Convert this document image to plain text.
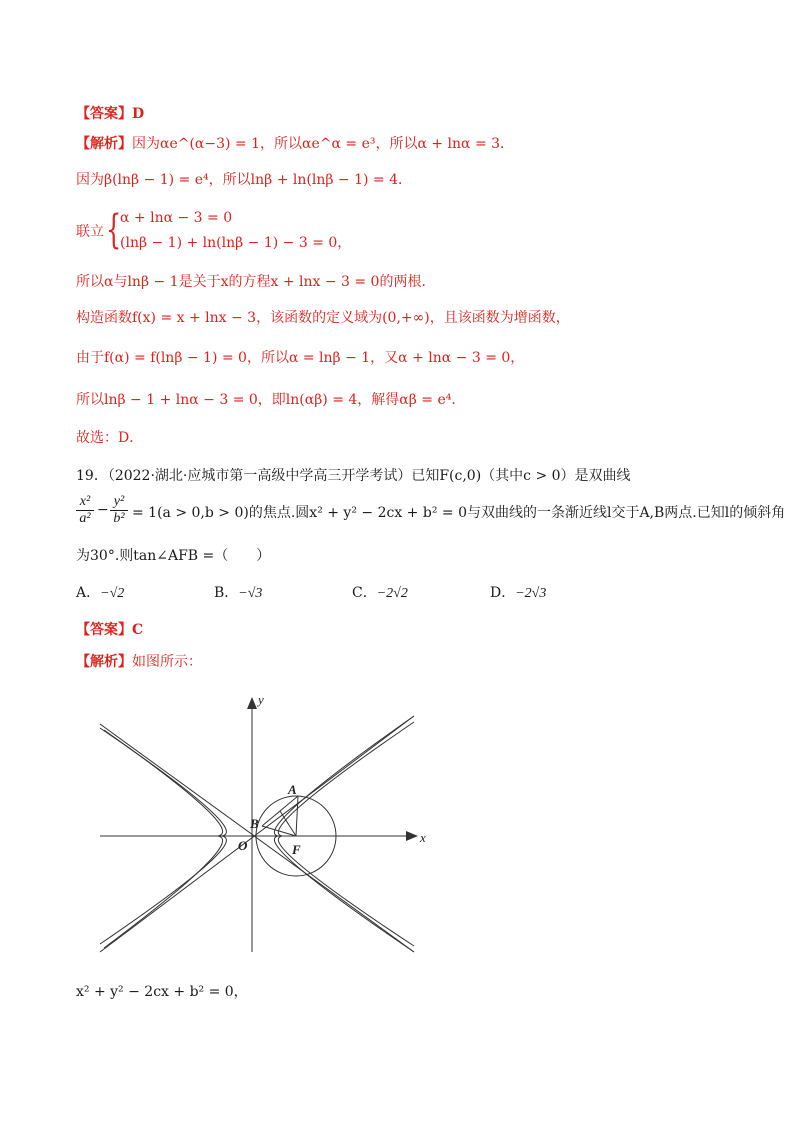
【答案】D
【解析】因为αe^(α−3) = 1，所以αe^α = e³，所以α + lnα = 3．
因为β(lnβ − 1) = e⁴，所以lnβ + ln(lnβ − 1) = 4．
联立 {
α + lnα − 3 = 0
(lnβ − 1) + ln(lnβ − 1) − 3 = 0，
所以α与lnβ − 1是关于x的方程x + lnx − 3 = 0的两根．
构造函数f(x) = x + lnx − 3，该函数的定义域为(0,+∞)，且该函数为增函数，
由于f(α) = f(lnβ − 1) = 0，所以α = lnβ − 1，又α + lnα − 3 = 0，
所以lnβ − 1 + lnα − 3 = 0，即ln(αβ) = 4，解得αβ = e⁴．
故选：D．
19．（2022·湖北·应城市第一高级中学高三开学考试）已知F(c,0)（其中c > 0）是双曲线
x²
a²
−
y²
b² = 1(a > 0,b > 0)的焦点.圆x² + y² − 2cx + b² = 0与双曲线的一条渐近线l交于A,B两点.已知l的倾斜角
为30°.则tan∠AFB =（　　）
A．−√2	B．−√3	C．−2√2	D．−2√3
【答案】C
【解析】如图所示：
y
x
O
A
B
F
x² + y² − 2cx + b² = 0，
